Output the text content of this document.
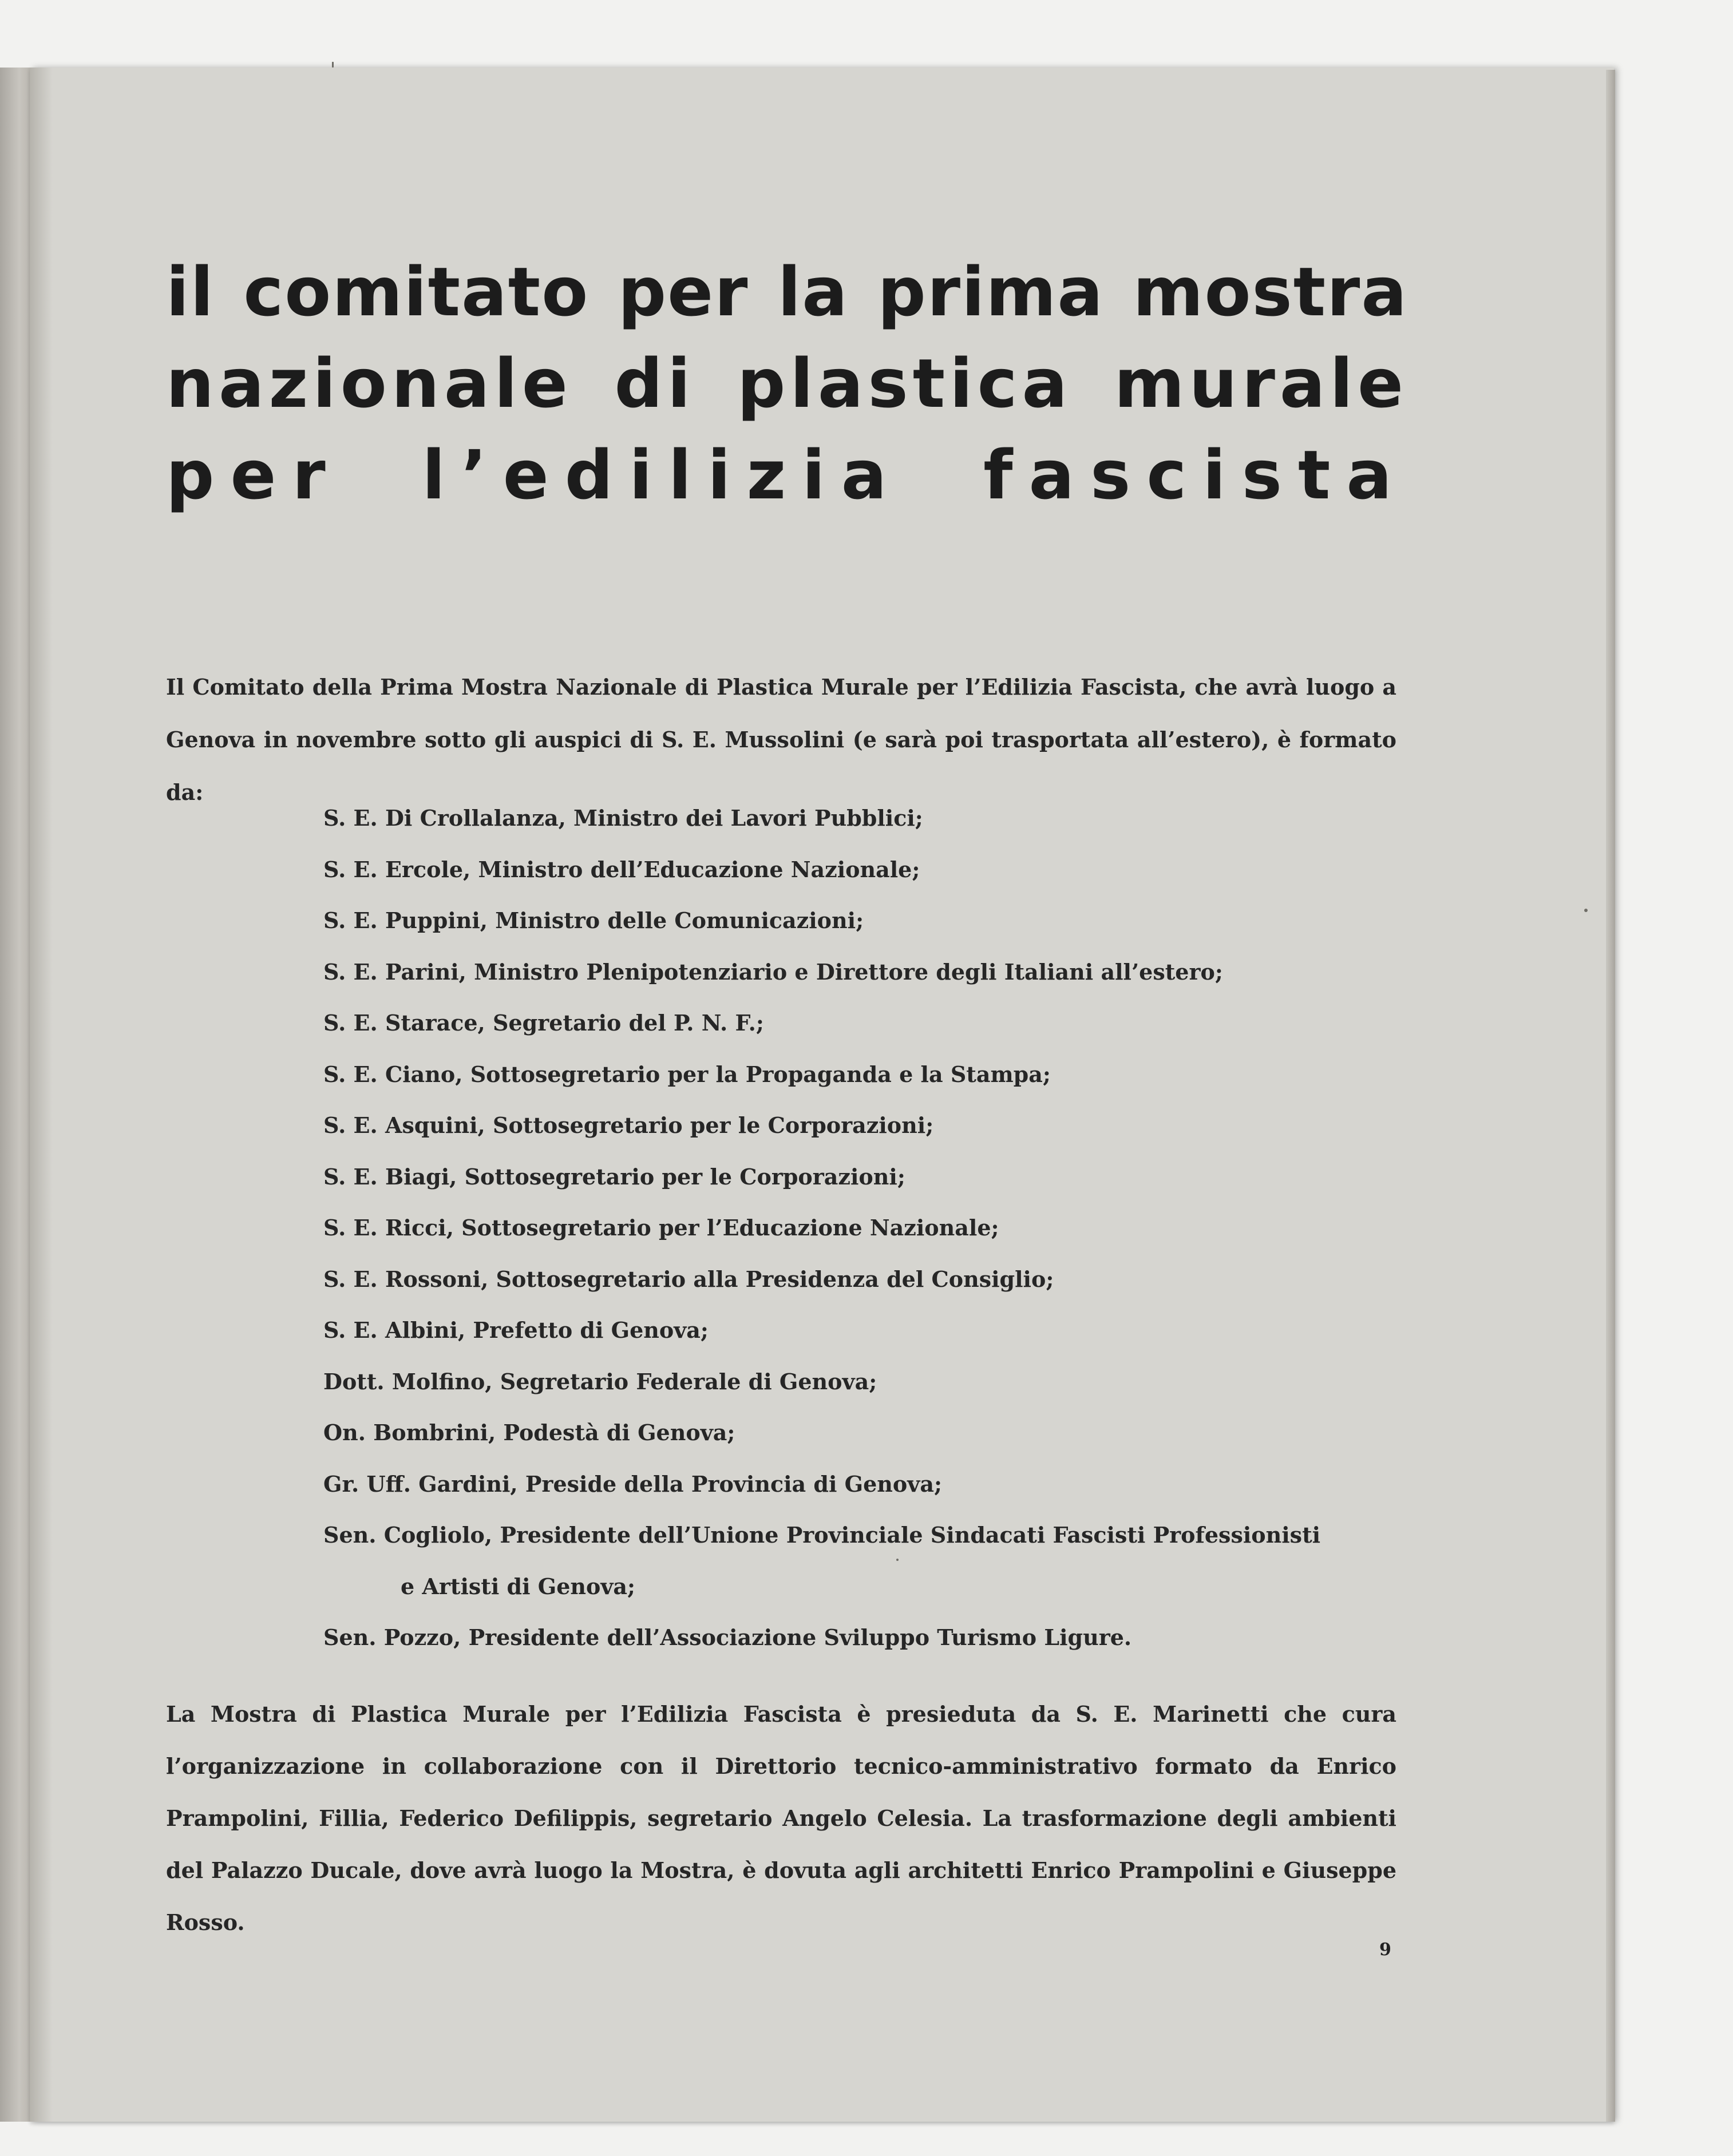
il comitato per la prima mostra
nazionale di plastica murale
per l’edilizia fascista

Il Comitato della Prima Mostra Nazionale di Plastica Murale per l’Edilizia Fascista, che avrà luogo a Genova in novembre sotto gli auspici di S. E. Mussolini (e sarà poi trasportata all’estero), è formato da:

S. E. Di Crollalanza, Ministro dei Lavori Pubblici;
S. E. Ercole, Ministro dell’Educazione Nazionale;
S. E. Puppini, Ministro delle Comunicazioni;
S. E. Parini, Ministro Plenipotenziario e Direttore degli Italiani all’estero;
S. E. Starace, Segretario del P. N. F.;
S. E. Ciano, Sottosegretario per la Propaganda e la Stampa;
S. E. Asquini, Sottosegretario per le Corporazioni;
S. E. Biagi, Sottosegretario per le Corporazioni;
S. E. Ricci, Sottosegretario per l’Educazione Nazionale;
S. E. Rossoni, Sottosegretario alla Presidenza del Consiglio;
S. E. Albini, Prefetto di Genova;
Dott. Molfino, Segretario Federale di Genova;
On. Bombrini, Podestà di Genova;
Gr. Uff. Gardini, Preside della Provincia di Genova;
Sen. Cogliolo, Presidente dell’Unione Provinciale Sindacati Fascisti Professionisti
e Artisti di Genova;
Sen. Pozzo, Presidente dell’Associazione Sviluppo Turismo Ligure.

La Mostra di Plastica Murale per l’Edilizia Fascista è presieduta da S. E. Marinetti che cura l’organizzazione in collaborazione con il Direttorio tecnico-amministrativo formato da Enrico Prampolini, Fillia, Federico Defilippis, segretario Angelo Celesia. La trasformazione degli ambienti del Palazzo Ducale, dove avrà luogo la Mostra, è dovuta agli architetti Enrico Prampolini e Giuseppe Rosso.

9
